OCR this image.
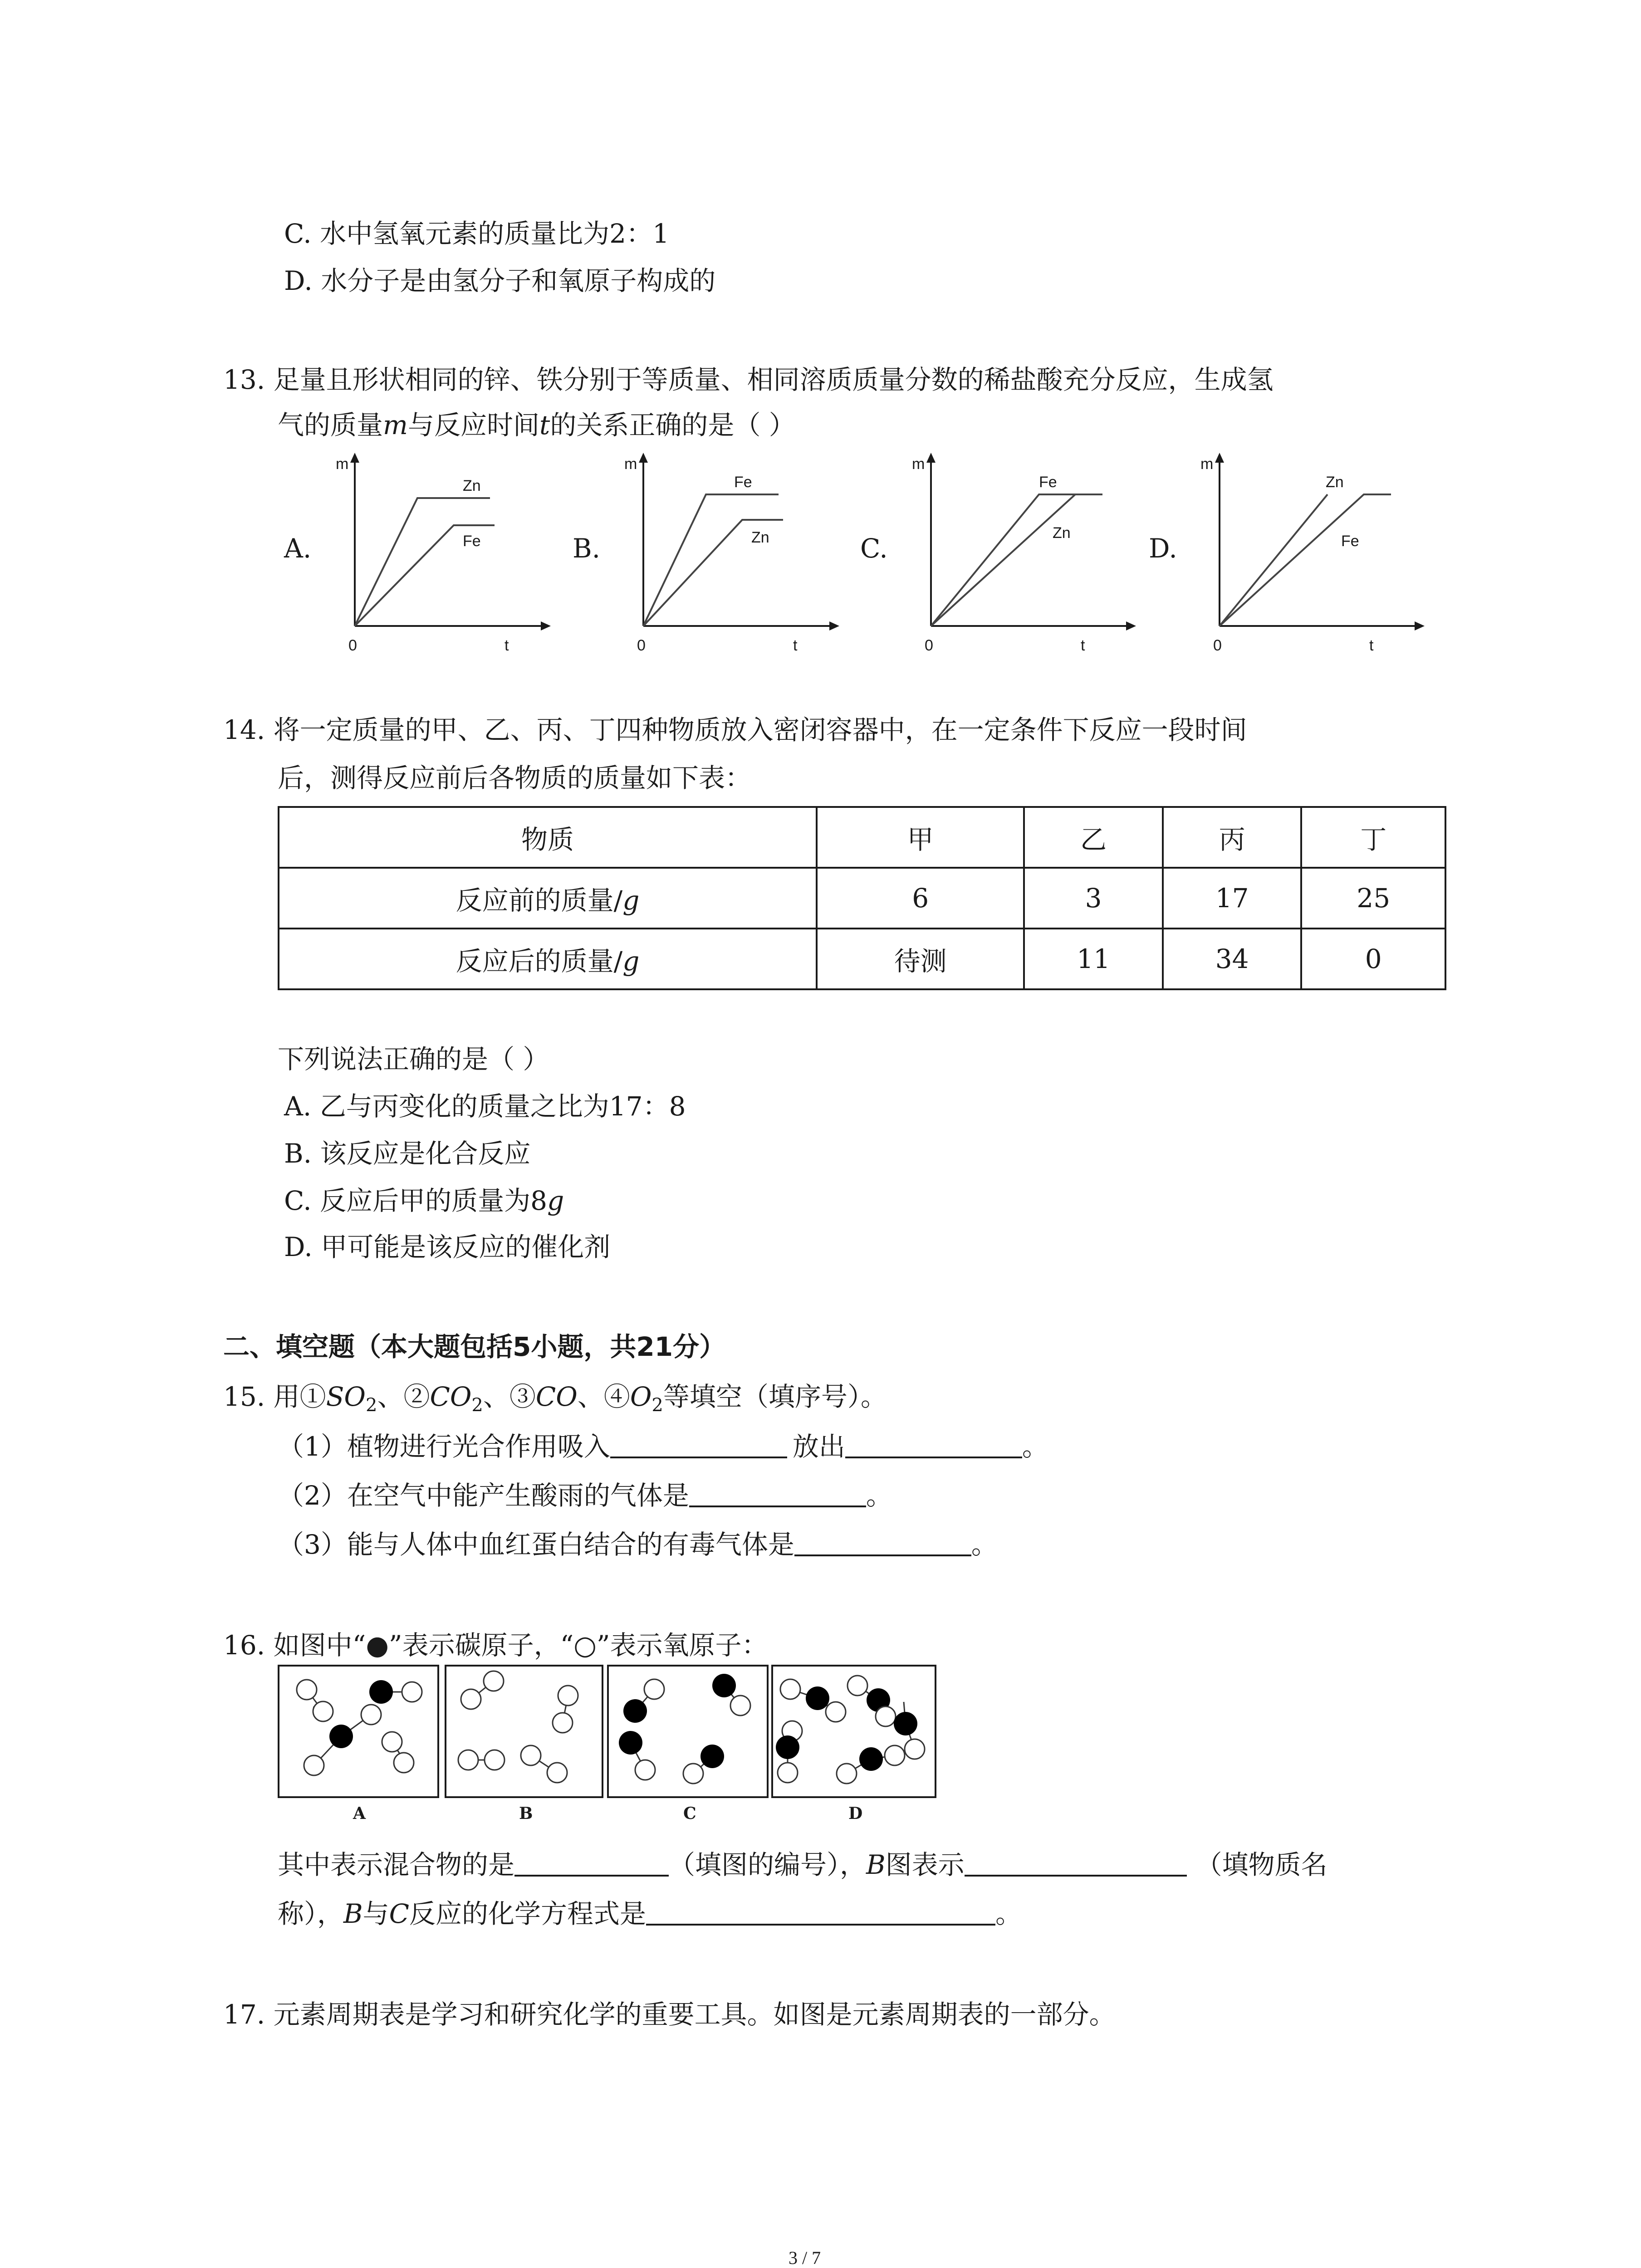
C. 水中氢氧元素的质量比为2：1
D. 水分子是由氢分子和氧原子构成的
13. 足量且形状相同的锌、铁分别于等质量、相同溶质质量分数的稀盐酸充分反应，生成氢
气的质量m与反应时间t的关系正确的是（ ）
A.	B.	C.	D.
m
Zn
Fe
0	t
m
Fe
Zn
0	t
m
Fe
Zn
0	t
m
Zn
Fe
0	t
14. 将一定质量的甲、乙、丙、丁四种物质放入密闭容器中，在一定条件下反应一段时间
后，测得反应前后各物质的质量如下表：
物质	甲	乙	丙	丁
反应前的质量/g	6	3	17	25
反应后的质量/g	待测	11	34	0
下列说法正确的是（ ）
A. 乙与丙变化的质量之比为17：8
B. 该反应是化合反应
C. 反应后甲的质量为8g
D. 甲可能是该反应的催化剂
二、填空题（本大题包括5小题，共21分）
15. 用$①SO_2$、$②CO_2$、③CO、$④O_2$等填空（填序号）。
（1）植物进行光合作用吸入	放出	。
（2）在空气中能产生酸雨的气体是	。
（3）能与人体中血红蛋白结合的有毒气体是	。
16. 如图中“●”表示碳原子，“○”表示氧原子：
A	B	C	D
其中表示混合物的是	（填图的编号），B图表示	（填物质名
称），B与C反应的化学方程式是	。
17. 元素周期表是学习和研究化学的重要工具。如图是元素周期表的一部分。
3 / 7
